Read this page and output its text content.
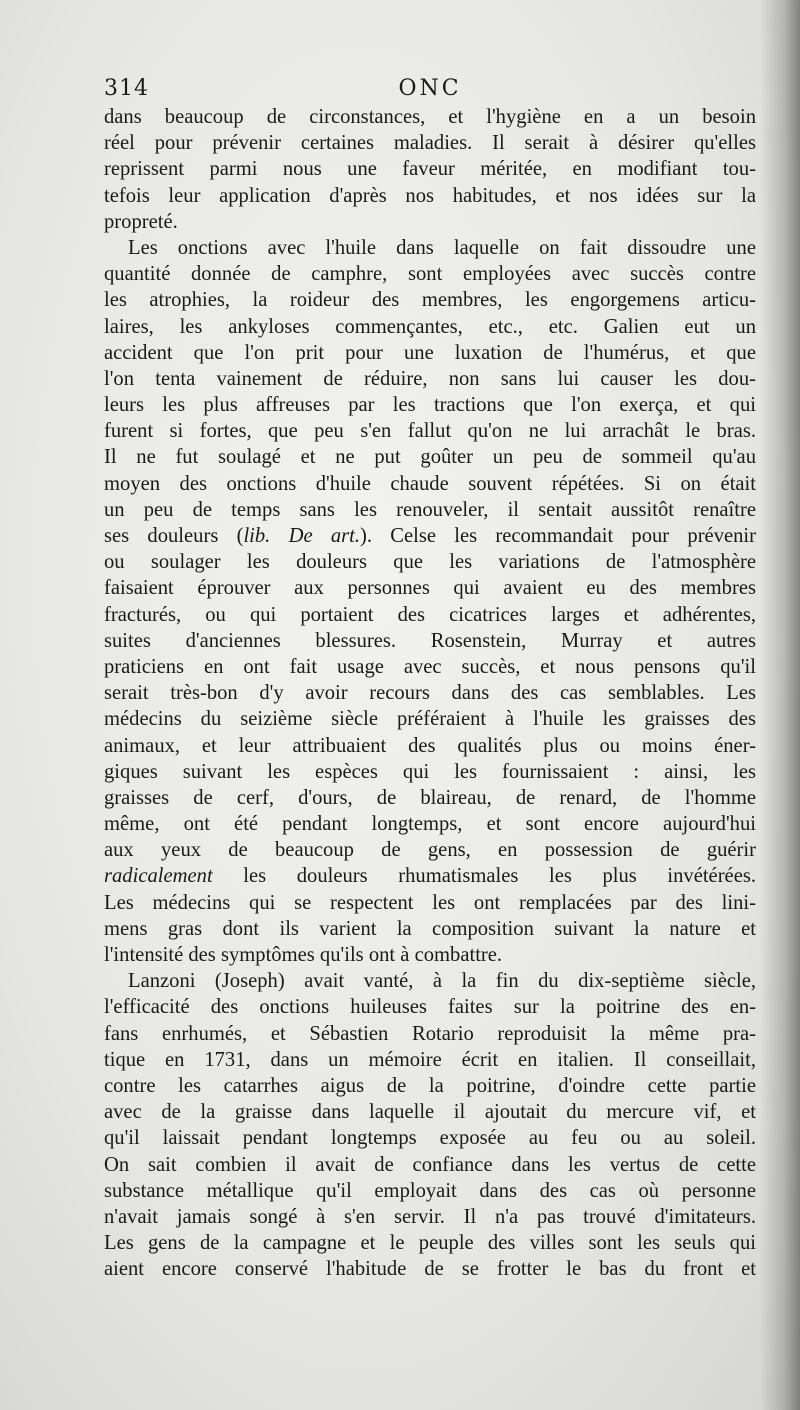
314	ONC
dans beaucoup de circonstances, et l'hygiène en a un besoin
réel pour prévenir certaines maladies. Il serait à désirer qu'elles
reprissent parmi nous une faveur méritée, en modifiant tou-
tefois leur application d'après nos habitudes, et nos idées sur la
propreté.
Les onctions avec l'huile dans laquelle on fait dissoudre une
quantité donnée de camphre, sont employées avec succès contre
les atrophies, la roideur des membres, les engorgemens articu-
laires, les ankyloses commençantes, etc., etc. Galien eut un
accident que l'on prit pour une luxation de l'humérus, et que
l'on tenta vainement de réduire, non sans lui causer les dou-
leurs les plus affreuses par les tractions que l'on exerça, et qui
furent si fortes, que peu s'en fallut qu'on ne lui arrachât le bras.
Il ne fut soulagé et ne put goûter un peu de sommeil qu'au
moyen des onctions d'huile chaude souvent répétées. Si on était
un peu de temps sans les renouveler, il sentait aussitôt renaître
ses douleurs (lib. De art.). Celse les recommandait pour prévenir
ou soulager les douleurs que les variations de l'atmosphère
faisaient éprouver aux personnes qui avaient eu des membres
fracturés, ou qui portaient des cicatrices larges et adhérentes,
suites d'anciennes blessures. Rosenstein, Murray et autres
praticiens en ont fait usage avec succès, et nous pensons qu'il
serait très-bon d'y avoir recours dans des cas semblables. Les
médecins du seizième siècle préféraient à l'huile les graisses des
animaux, et leur attribuaient des qualités plus ou moins éner-
giques suivant les espèces qui les fournissaient : ainsi, les
graisses de cerf, d'ours, de blaireau, de renard, de l'homme
même, ont été pendant longtemps, et sont encore aujourd'hui
aux yeux de beaucoup de gens, en possession de guérir
radicalement les douleurs rhumatismales les plus invétérées.
Les médecins qui se respectent les ont remplacées par des lini-
mens gras dont ils varient la composition suivant la nature et
l'intensité des symptômes qu'ils ont à combattre.
Lanzoni (Joseph) avait vanté, à la fin du dix-septième siècle,
l'efficacité des onctions huileuses faites sur la poitrine des en-
fans enrhumés, et Sébastien Rotario reproduisit la même pra-
tique en 1731, dans un mémoire écrit en italien. Il conseillait,
contre les catarrhes aigus de la poitrine, d'oindre cette partie
avec de la graisse dans laquelle il ajoutait du mercure vif, et
qu'il laissait pendant longtemps exposée au feu ou au soleil.
On sait combien il avait de confiance dans les vertus de cette
substance métallique qu'il employait dans des cas où personne
n'avait jamais songé à s'en servir. Il n'a pas trouvé d'imitateurs.
Les gens de la campagne et le peuple des villes sont les seuls qui
aient encore conservé l'habitude de se frotter le bas du front et
